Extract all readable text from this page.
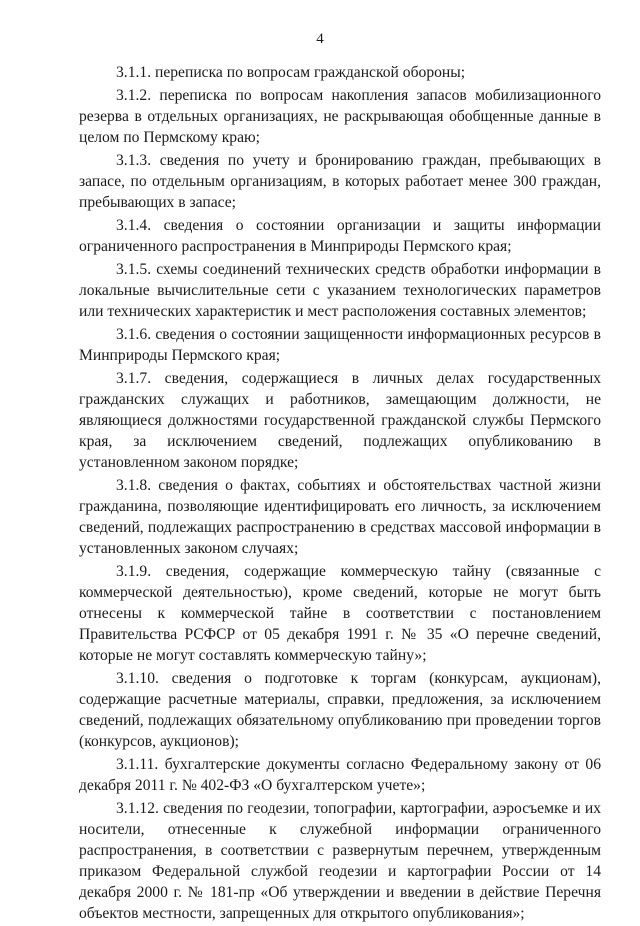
4

3.1.1. переписка по вопросам гражданской обороны;

3.1.2. переписка по вопросам накопления запасов мобилизационного резерва в отдельных организациях, не раскрывающая обобщенные данные в целом по Пермскому краю;

3.1.3. сведения по учету и бронированию граждан, пребывающих в запасе, по отдельным организациям, в которых работает менее 300 граждан, пребывающих в запасе;

3.1.4. сведения о состоянии организации и защиты информации ограниченного распространения в Минприроды Пермского края;

3.1.5. схемы соединений технических средств обработки информации в локальные вычислительные сети с указанием технологических параметров или технических характеристик и мест расположения составных элементов;

3.1.6. сведения о состоянии защищенности информационных ресурсов в Минприроды Пермского края;

3.1.7. сведения, содержащиеся в личных делах государственных гражданских служащих и работников, замещающим должности, не являющиеся должностями государственной гражданской службы Пермского края, за исключением сведений, подлежащих опубликованию в установленном законом порядке;

3.1.8. сведения о фактах, событиях и обстоятельствах частной жизни гражданина, позволяющие идентифицировать его личность, за исключением сведений, подлежащих распространению в средствах массовой информации в установленных законом случаях;

3.1.9. сведения, содержащие коммерческую тайну (связанные с коммерческой деятельностью), кроме сведений, которые не могут быть отнесены к коммерческой тайне в соответствии с постановлением Правительства РСФСР от 05 декабря 1991 г. № 35 «О перечне сведений, которые не могут составлять коммерческую тайну»;

3.1.10. сведения о подготовке к торгам (конкурсам, аукционам), содержащие расчетные материалы, справки, предложения, за исключением сведений, подлежащих обязательному опубликованию при проведении торгов (конкурсов, аукционов);

3.1.11. бухгалтерские документы согласно Федеральному закону от 06 декабря 2011 г. № 402-ФЗ «О бухгалтерском учете»;

3.1.12. сведения по геодезии, топографии, картографии, аэросъемке и их носители, отнесенные к служебной информации ограниченного распространения, в соответствии с развернутым перечнем, утвержденным приказом Федеральной службой геодезии и картографии России от 14 декабря 2000 г. № 181-пр «Об утверждении и введении в действие Перечня объектов местности, запрещенных для открытого опубликования»;
